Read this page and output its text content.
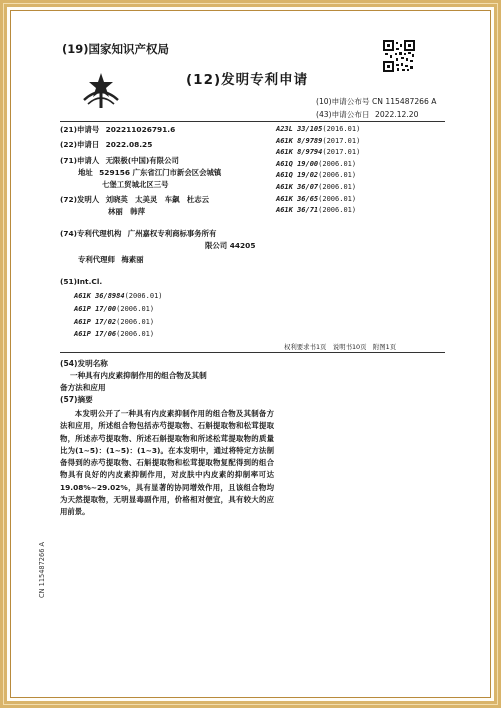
(19)国家知识产权局
(12)发明专利申请
(10)申请公布号 CN 115487266 A
(43)申请公布日 2022.12.20
(21)申请号 202211026791.6
(22)申请日 2022.08.25
(71)申请人 无限极(中国)有限公司
地址 529156 广东省江门市新会区会城镇
七堡工贸城北区三号
(72)发明人 刘晓英　太美灵　车飙　杜志云
林丽　韩萍
(74)专利代理机构 广州嘉权专利商标事务所有
限公司 44205
专利代理师 梅素丽
(51)Int.Cl.
A23L 33/105(2016.01)
A61K 8/9789(2017.01)
A61K 8/9794(2017.01)
A61Q 19/00(2006.01)
A61Q 19/02(2006.01)
A61K 36/07(2006.01)
A61K 36/65(2006.01)
A61K 36/71(2006.01)
A61K 36/8984(2006.01)
A61P 17/00(2006.01)
A61P 17/02(2006.01)
A61P 17/06(2006.01)
权利要求书1页　说明书10页　附图1页
(54)发明名称
一种具有内皮素抑制作用的组合物及其制
备方法和应用
(57)摘要

本发明公开了一种具有内皮素抑制作用的组合物及其制备方法和应用，所述组合物包括赤芍提取物、石斛提取物和松茸提取物，所述赤芍提取物、所述石斛提取物和所述松茸提取物的质量比为(1~5)：(1~5)：(1~3)。在本发明中，通过将特定方法制备得到的赤芍提取物、石斛提取物和松茸提取物复配得到的组合物具有良好的内皮素抑制作用，对皮肤中内皮素的抑制率可达19.08%~29.02%，具有显著的协同增效作用，且该组合物均为天然提取物，无明显毒副作用，价格相对便宜，具有较大的应用前景。

CN 115487266 A
